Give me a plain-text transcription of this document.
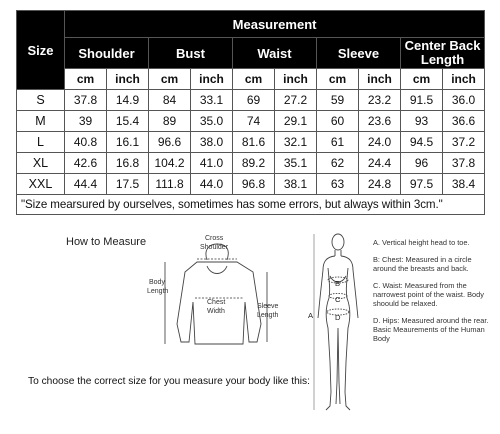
Size	Measurement									
	Shoulder		Bust		Waist		Sleeve		Center Back Length	
	cm	inch	cm	inch	cm	inch	cm	inch	cm	inch
S	37.8	14.9	84	33.1	69	27.2	59	23.2	91.5	36.0
M	39	15.4	89	35.0	74	29.1	60	23.6	93	36.6
L	40.8	16.1	96.6	38.0	81.6	32.1	61	24.0	94.5	37.2
XL	42.6	16.8	104.2	41.0	89.2	35.1	62	24.4	96	37.8
XXL	44.4	17.5	111.8	44.0	96.8	38.1	63	24.8	97.5	38.4
"Size mearsured by ourselves, sometimes has some errors, but always within 3cm."										
How to Measure	Cross
Shoulder
Body
Length
Chest
Width
Sleeve
Length	A
B
C
D
A. Vertical height head to toe.
B: Chest: Measured in a circle around the breasts and back.
C. Waist: Measured from the narrowest point of the waist. Body shoould be relaxed.
D. Hips: Measured around the rear. Basic Meaurements of the Human Body
To choose the correct size for you measure your body like this:
